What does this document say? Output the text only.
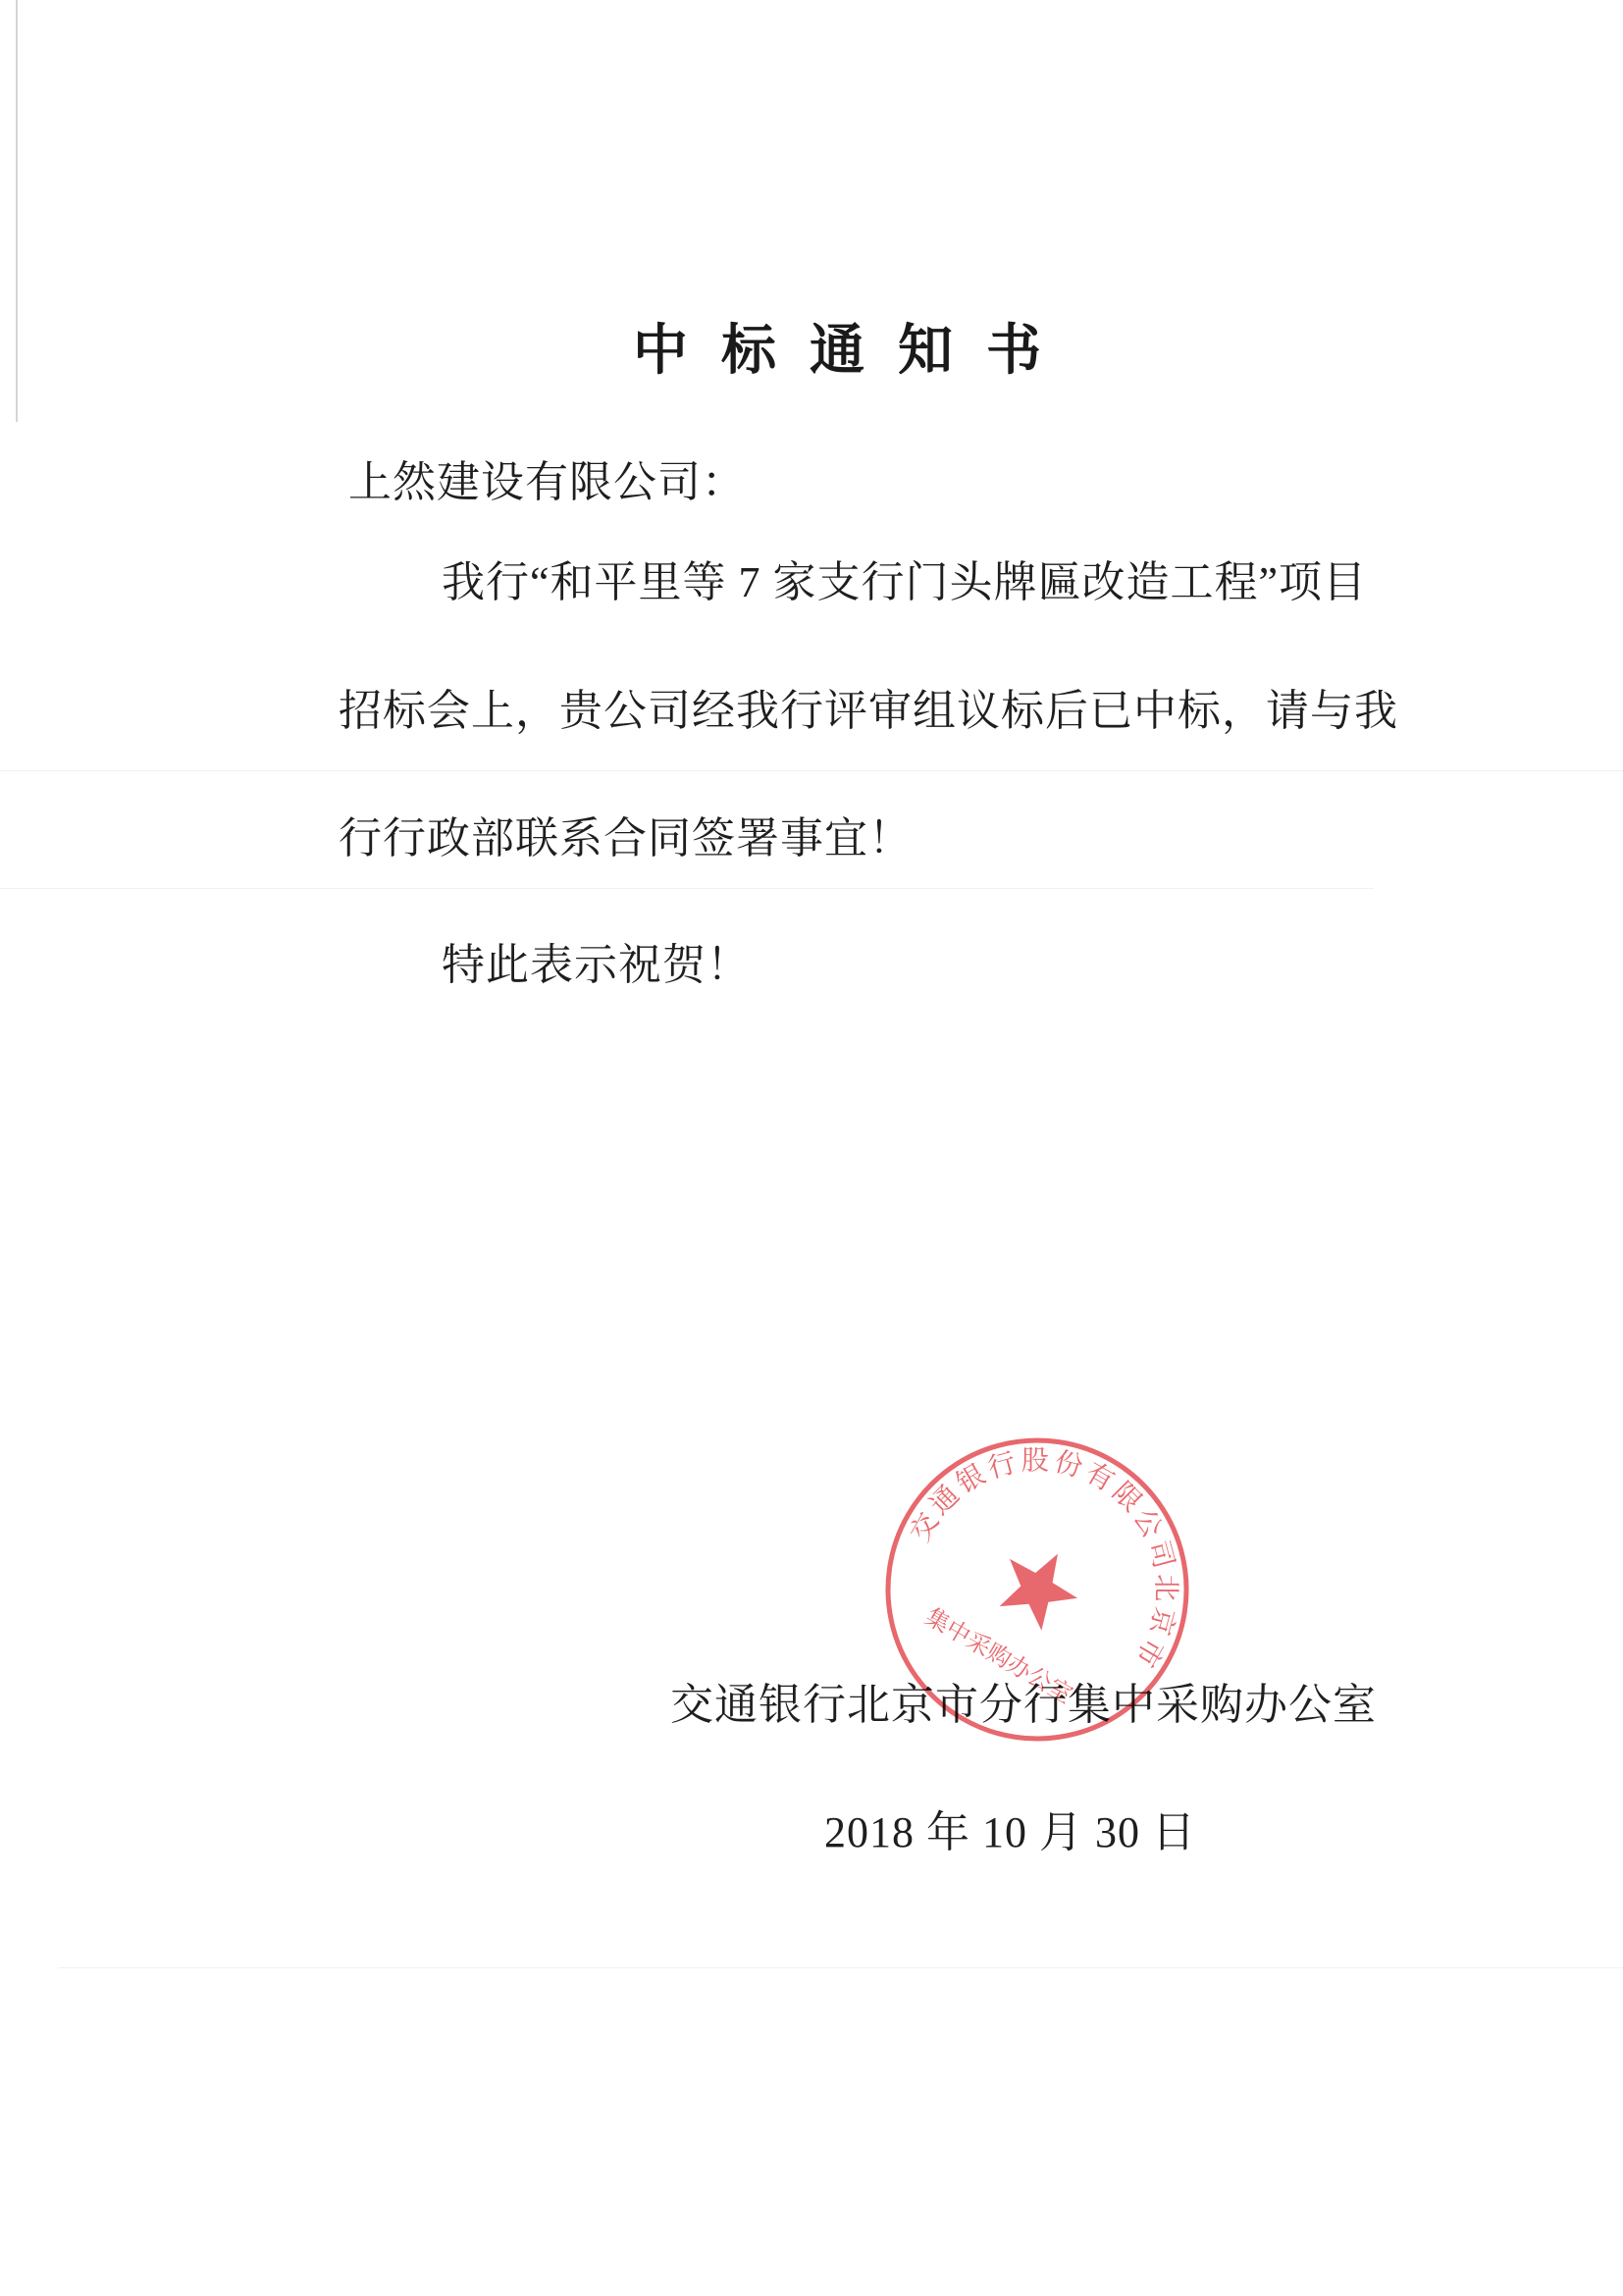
中标通知书
上然建设有限公司：
我行“和平里等 7 家支行门头牌匾改造工程”项目
招标会上，贵公司经我行评审组议标后已中标，请与我
行行政部联系合同签署事宜！
特此表示祝贺！
交通银行北京市分行集中采购办公室
2018 年 10 月 30 日
交通银行股份有限公司北京市
集中采购办公室
